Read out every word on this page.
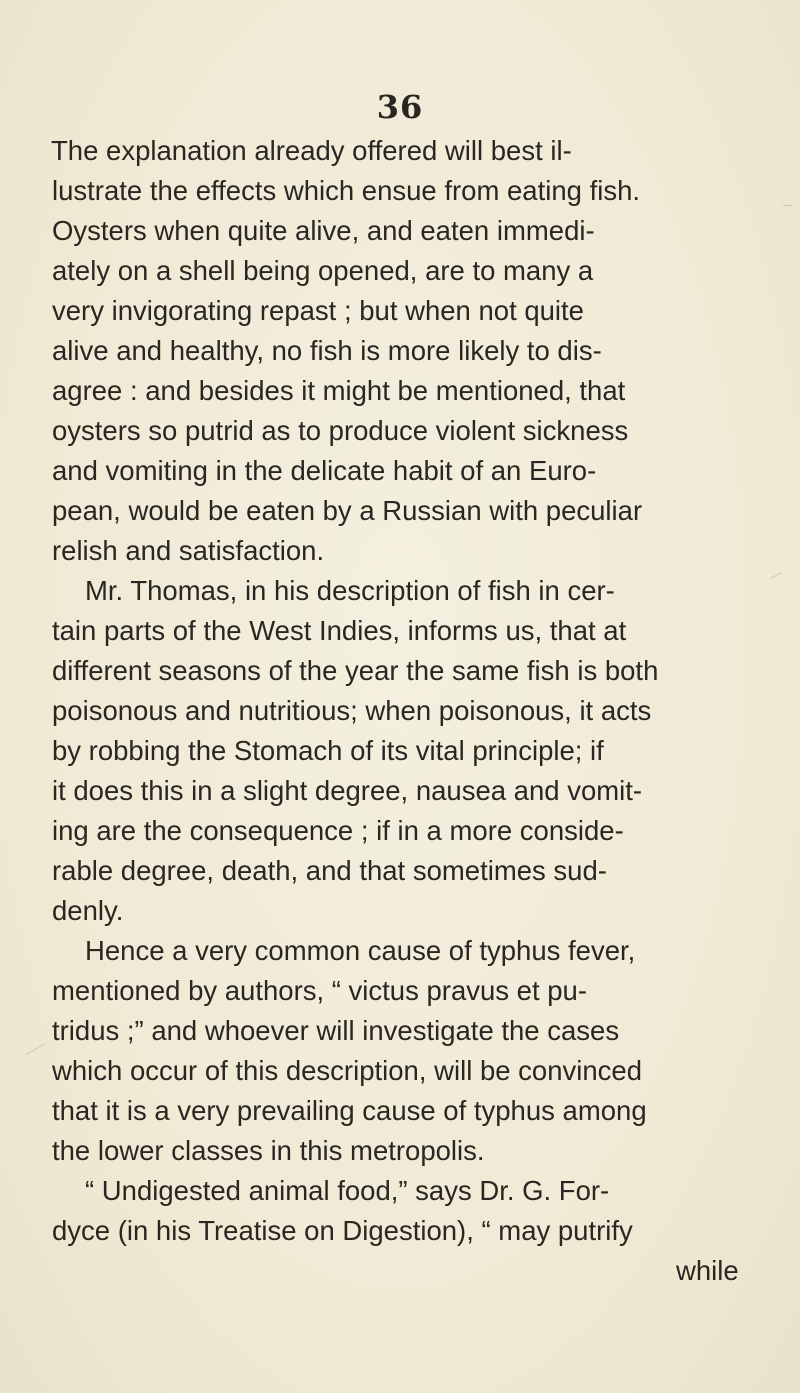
36
The explanation already offered will best il-
lustrate the effects which ensue from eating fish.
Oysters when quite alive, and eaten immedi-
ately on a shell being opened, are to many a
very invigorating repast ; but when not quite
alive and healthy, no fish is more likely to dis-
agree : and besides it might be mentioned, that
oysters so putrid as to produce violent sickness
and vomiting in the delicate habit of an Euro-
pean, would be eaten by a Russian with peculiar
relish and satisfaction.
Mr. Thomas, in his description of fish in cer-
tain parts of the West Indies, informs us, that at
different seasons of the year the same fish is both
poisonous and nutritious; when poisonous, it acts
by robbing the Stomach of its vital principle; if
it does this in a slight degree, nausea and vomit-
ing are the consequence ; if in a more conside-
rable degree, death, and that sometimes sud-
denly.
Hence a very common cause of typhus fever,
mentioned by authors, “ victus pravus et pu-
tridus ;” and whoever will investigate the cases
which occur of this description, will be convinced
that it is a very prevailing cause of typhus among
the lower classes in this metropolis.
“ Undigested animal food,” says Dr. G. For-
dyce (in his Treatise on Digestion), “ may putrify
while
